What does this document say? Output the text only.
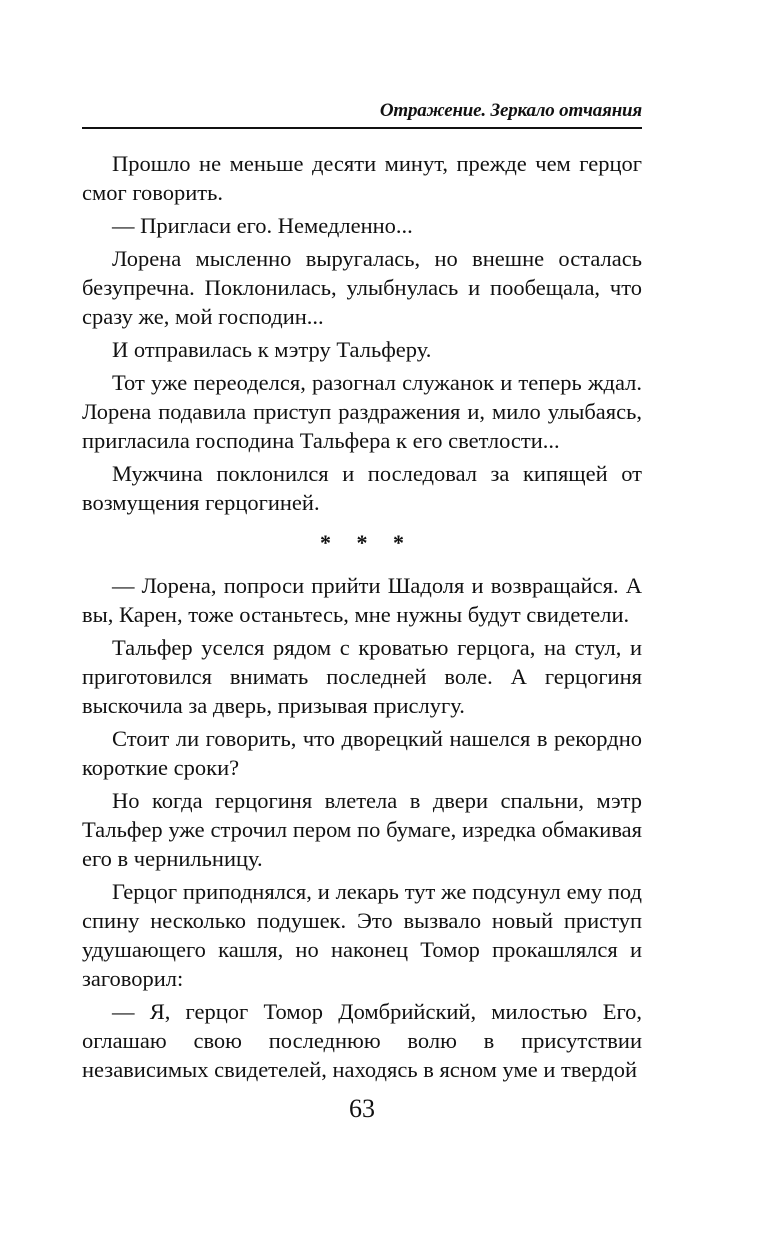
Отражение. Зеркало отчаяния

Прошло не меньше десяти минут, прежде чем герцог смог говорить.

— Пригласи его. Немедленно...

Лорена мысленно выругалась, но внешне осталась безупречна. Поклонилась, улыбнулась и пообещала, что сразу же, мой господин...

И отправилась к мэтру Тальферу.

Тот уже переоделся, разогнал служанок и теперь ждал. Лорена подавила приступ раздражения и, мило улыбаясь, пригласила господина Тальфера к его светлости...

Мужчина поклонился и последовал за кипящей от возмущения герцогиней.

* * *

— Лорена, попроси прийти Шадоля и возвращайся. А вы, Карен, тоже останьтесь, мне нужны будут свидетели.

Тальфер уселся рядом с кроватью герцога, на стул, и приготовился внимать последней воле. А герцогиня выскочила за дверь, призывая прислугу.

Стоит ли говорить, что дворецкий нашелся в рекордно короткие сроки?

Но когда герцогиня влетела в двери спальни, мэтр Тальфер уже строчил пером по бумаге, изредка обмакивая его в чернильницу.

Герцог приподнялся, и лекарь тут же подсунул ему под спину несколько подушек. Это вызвало новый приступ удушающего кашля, но наконец Томор прокашлялся и заговорил:

— Я, герцог Томор Домбрийский, милостью Его, оглашаю свою последнюю волю в присутствии независимых свидетелей, находясь в ясном уме и твердой

63
